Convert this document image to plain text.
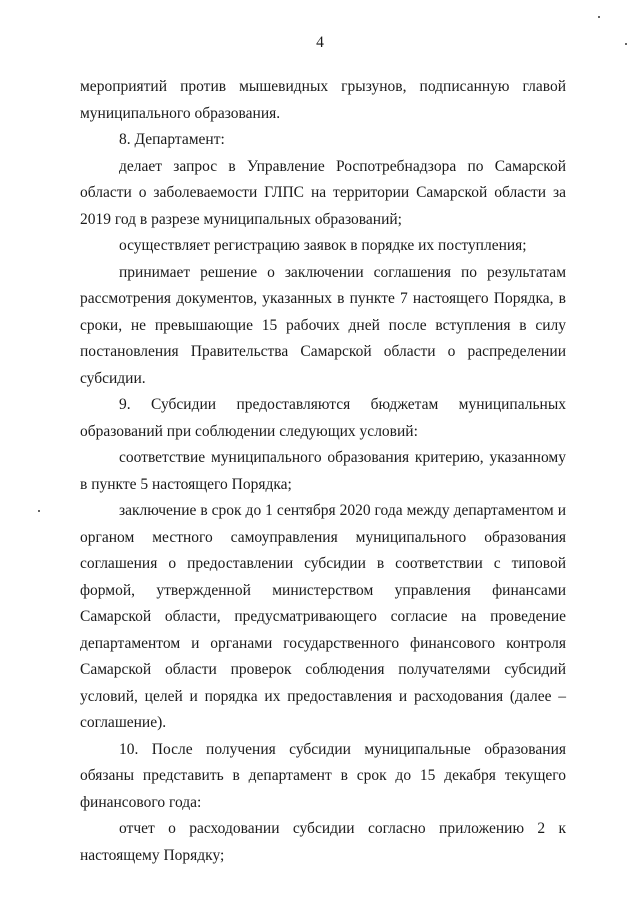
4

мероприятий против мышевидных грызунов, подписанную главой муниципального образования.

8. Департамент:

делает запрос в Управление Роспотребнадзора по Самарской области о заболеваемости ГЛПС на территории Самарской области за 2019 год в разрезе муниципальных образований;

осуществляет регистрацию заявок в порядке их поступления;

принимает решение о заключении соглашения по результатам рассмотрения документов, указанных в пункте 7 настоящего Порядка, в сроки, не превышающие 15 рабочих дней после вступления в силу постановления Правительства Самарской области о распределении субсидии.

9. Субсидии предоставляются бюджетам муниципальных образований при соблюдении следующих условий:

соответствие муниципального образования критерию, указанному в пункте 5 настоящего Порядка;

заключение в срок до 1 сентября 2020 года между департаментом и органом местного самоуправления муниципального образования соглашения о предоставлении субсидии в соответствии с типовой формой, утвержденной министерством управления финансами Самарской области, предусматривающего согласие на проведение департаментом и органами государственного финансового контроля Самарской области проверок соблюдения получателями субсидий условий, целей и порядка их предоставления и расходования (далее – соглашение).

10. После получения субсидии муниципальные образования обязаны представить в департамент в срок до 15 декабря текущего финансового года:

отчет о расходовании субсидии согласно приложению 2 к настоящему Порядку;
